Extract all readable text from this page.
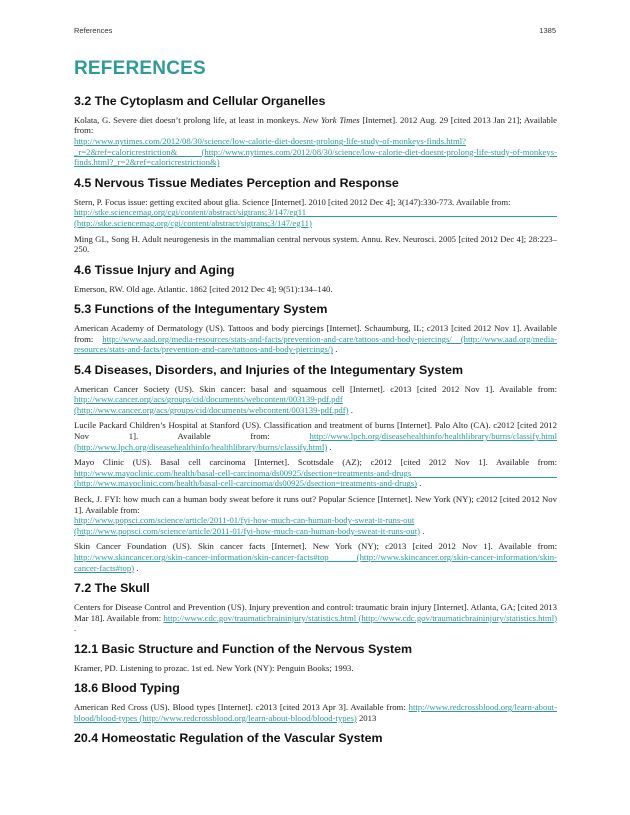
References	1385
REFERENCES
3.2 The Cytoplasm and Cellular Organelles

Kolata, G. Severe diet doesn’t prolong life, at least in monkeys. New York Times [Internet]. 2012 Aug. 29 [cited 2013 Jan 21]; Available from:
http://www.nytimes.com/2012/08/30/science/low-calorie-diet-doesnt-prolong-life-study-of-monkeys-finds.html?_r=2&ref=caloricrestriction&       (http://www.nytimes.com/2012/08/30/science/low-calorie-diet-doesnt-prolong-life-study-of-monkeys-finds.html?_r=2&ref=caloricrestriction&)

4.5 Nervous Tissue Mediates Perception and Response

Stern, P. Focus issue: getting excited about glia. Science [Internet]. 2010 [cited 2012 Dec 4]; 3(147):330-773. Available from:
http://stke.sciencemag.org/cgi/content/abstract/sigtrans;3/147/eg11       (http://stke.sciencemag.org/cgi/content/abstract/sigtrans;3/147/eg11)

Ming GL, Song H. Adult neurogenesis in the mammalian central nervous system. Annu. Rev. Neurosci. 2005 [cited 2012 Dec 4]; 28:223–250.

4.6 Tissue Injury and Aging

Emerson, RW. Old age. Atlantic. 1862 [cited 2012 Dec 4]; 9(51):134–140.

5.3 Functions of the Integumentary System

American Academy of Dermatology (US). Tattoos and body piercings [Internet]. Schaumburg, IL; c2013 [cited 2012 Nov 1]. Available from: http://www.aad.org/media-resources/stats-and-facts/prevention-and-care/tattoos-and-body-piercings/ (http://www.aad.org/media-resources/stats-and-facts/prevention-and-care/tattoos-and-body-piercings/) .

5.4 Diseases, Disorders, and Injuries of the Integumentary System

American Cancer Society (US). Skin cancer: basal and squamous cell [Internet]. c2013 [cited 2012 Nov 1]. Available from: http://www.cancer.org/acs/groups/cid/documents/webcontent/003139-pdf.pdf (http://www.cancer.org/acs/groups/cid/documents/webcontent/003139-pdf.pdf) .

Lucile Packard Children’s Hospital at Stanford (US). Classification and treatment of burns [Internet]. Palo Alto (CA). c2012 [cited 2012 Nov 1]. Available from: http://www.lpch.org/diseasehealthinfo/healthlibrary/burns/classify.html (http://www.lpch.org/diseasehealthinfo/healthlibrary/burns/classify.html) .

Mayo Clinic (US). Basal cell carcinoma [Internet]. Scottsdale (AZ); c2012 [cited 2012 Nov 1]. Available from: http://www.mayoclinic.com/health/basal-cell-carcinoma/ds00925/dsection=treatments-and-drugs      (http://www.mayoclinic.com/health/basal-cell-carcinoma/ds00925/dsection=treatments-and-drugs) .

Beck, J. FYI: how much can a human body sweat before it runs out? Popular Science [Internet]. New York (NY); c2012 [cited 2012 Nov 1]. Available from:
http://www.popsci.com/science/article/2011-01/fyi-how-much-can-human-body-sweat-it-runs-out (http://www.popsci.com/science/article/2011-01/fyi-how-much-can-human-body-sweat-it-runs-out) .

Skin Cancer Foundation (US). Skin cancer facts [Internet]. New York (NY); c2013 [cited 2012 Nov 1]. Available from: http://www.skincancer.org/skin-cancer-information/skin-cancer-facts#top      (http://www.skincancer.org/skin-cancer-information/skin-cancer-facts#top) .

7.2 The Skull

Centers for Disease Control and Prevention (US). Injury prevention and control: traumatic brain injury [Internet]. Atlanta, GA; [cited 2013 Mar 18]. Available from: http://www.cdc.gov/traumaticbraininjury/statistics.html (http://www.cdc.gov/traumaticbraininjury/statistics.html) .

12.1 Basic Structure and Function of the Nervous System

Kramer, PD. Listening to prozac. 1st ed. New York (NY): Penguin Books; 1993.

18.6 Blood Typing

American Red Cross (US). Blood types [Internet]. c2013 [cited 2013 Apr 3]. Available from: http://www.redcrossblood.org/learn-about-blood/blood-types (http://www.redcrossblood.org/learn-about-blood/blood-types) 2013

20.4 Homeostatic Regulation of the Vascular System
